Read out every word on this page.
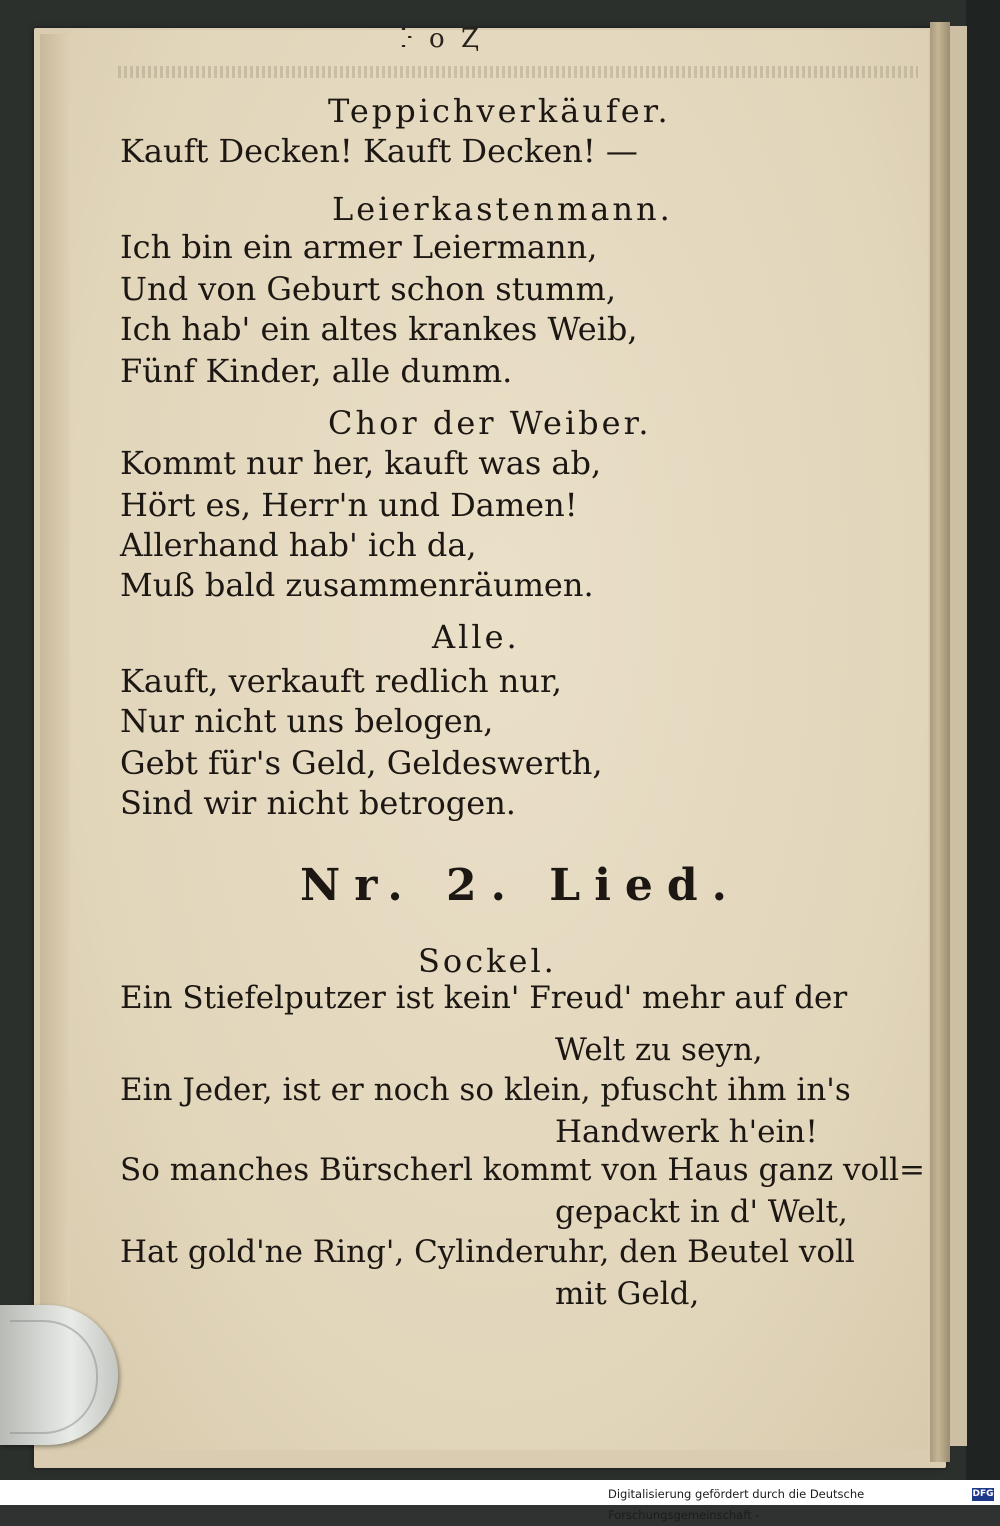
ⴾ o Ⱬ
Teppichverkäufer.
Kauft Decken! Kauft Decken! —
Leierkastenmann.
Ich bin ein armer Leiermann,
Und von Geburt schon stumm,
Ich hab' ein altes krankes Weib,
Fünf Kinder, alle dumm.
Chor der Weiber.
Kommt nur her, kauft was ab,
Hört es, Herr'n und Damen!
Allerhand hab' ich da,
Muß bald zusammenräumen.
Alle.
Kauft, verkauft redlich nur,
Nur nicht uns belogen,
Gebt für's Geld, Geldeswerth,
Sind wir nicht betrogen.
Nr. 2. Lied.
Sockel.
Ein Stiefelputzer ist kein' Freud' mehr auf der
Welt zu seyn,
Ein Jeder, ist er noch so klein, pfuscht ihm in's
Handwerk h'ein!
So manches Bürscherl kommt von Haus ganz voll=
gepackt in d' Welt,
Hat gold'ne Ring', Cylinderuhr, den Beutel voll
mit Geld,
Digitalisierung gefördert durch die Deutsche Forschungsgemeinschaft -
DFG
